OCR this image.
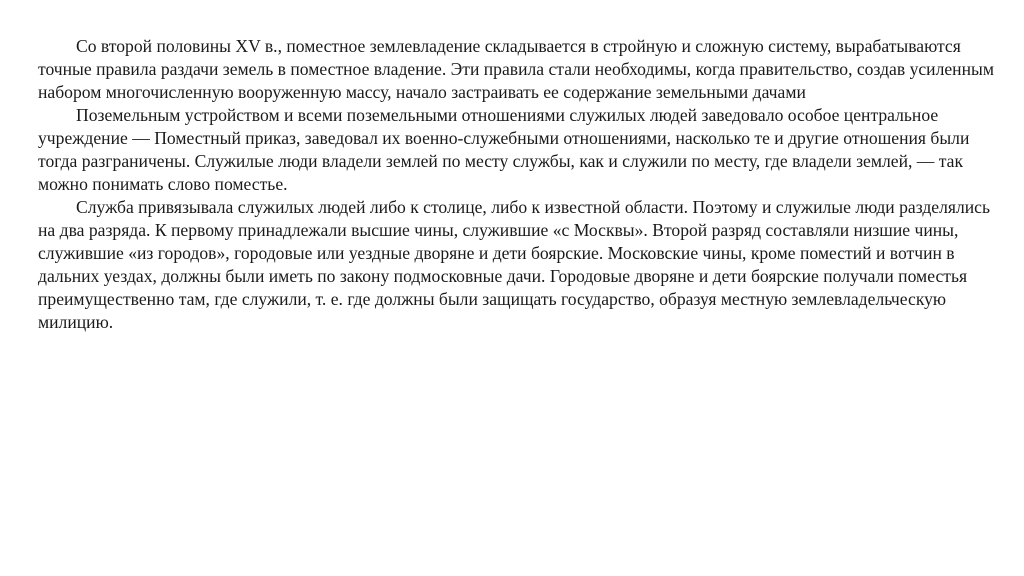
Со второй половины XV в., поместное землевладение складывается в стройную и сложную систему, вырабатываются точные правила раздачи земель в поместное владение. Эти правила стали необходимы, когда правительство, создав усиленным набором многочисленную вооруженную массу, начало застраивать ее содержание земельными дачами

Поземельным устройством и всеми поземельными отношениями служилых людей заведовало особое центральное учреждение — Поместный приказ, заведовал их военно-служебными отношениями, насколько те и другие отношения были тогда разграничены. Служилые люди владели землей по месту службы, как и служили по месту, где владели землей, — так можно понимать слово поместье.

Служба привязывала служилых людей либо к столице, либо к известной области. Поэтому и служилые люди разделялись на два разряда. К первому принадлежали высшие чины, служившие «с Москвы». Второй разряд составляли низшие чины, служившие «из городов», городовые или уездные дворяне и дети боярские. Московские чины, кроме поместий и вотчин в дальних уездах, должны были иметь по закону подмосковные дачи. Городовые дворяне и дети боярские получали поместья преимущественно там, где служили, т. е. где должны были защищать государство, образуя местную землевладельческую милицию.
